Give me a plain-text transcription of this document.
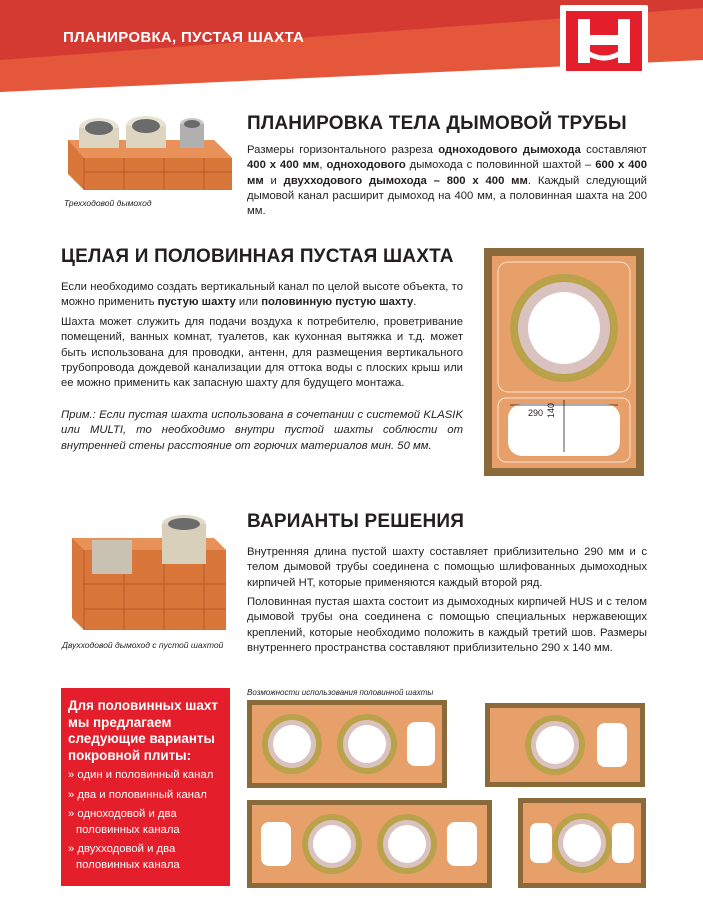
ПЛАНИРОВКА, ПУСТАЯ ШАХТА
Трехходовой дымоход
ПЛАНИРОВКА ТЕЛА ДЫМОВОЙ ТРУБЫ
Размеры горизонтального разреза одноходового дымохода составляют 400 x 400 мм, одноходового дымохода с половинной шахтой – 600 x 400 мм и двухходового дымохода – 800 x 400 мм. Каждый следующий дымовой канал расширит дымоход на 400 мм, а половинная шахта на 200 мм.
ЦЕЛАЯ И ПОЛОВИННАЯ ПУСТАЯ ШАХТА
Если необходимо создать вертикальный канал по целой высоте объекта, то можно применить пустую шахту или половинную пустую шахту.
Шахта может служить для подачи воздуха к потребителю, проветривание помещений, ванных комнат, туалетов, как кухонная вытяжка и т.д. может быть использована для проводки, антенн, для размещения вертикального трубопровода дождевой канализации для оттока воды с плоских крыш или ее можно применить как запасную шахту для будущего монтажа.
Прим.: Если пустая шахта использована в сочетании с системой KLASIK или MULTI, то необходимо внутри пустой шахты соблюсти от внутренней стены расстояние от горючих материалов мин. 50 мм.
290 140
Двухходовой дымоход с пустой шахтой
ВАРИАНТЫ РЕШЕНИЯ
Внутренняя длина пустой шахту составляет приблизительно 290 мм и с телом дымовой трубы соединена с помощью шлифованных дымоходных кирпичей HT, которые применяются каждый второй ряд.
Половинная пустая шахта состоит из дымоходных кирпичей HUS и с телом дымовой трубы она соединена с помощью специальных нержавеющих креплений, которые необходимо положить в каждый третий шов. Размеры внутреннего пространства составляют приблизительно 290 x 140 мм.
Для половинных шахт мы предлагаем следующие варианты покровной плиты:
» один и половинный канал
» два и половинный канал
» одноходовой и два половинных канала
» двухходовой и два половинных канала
Возможности использования половинной шахты
